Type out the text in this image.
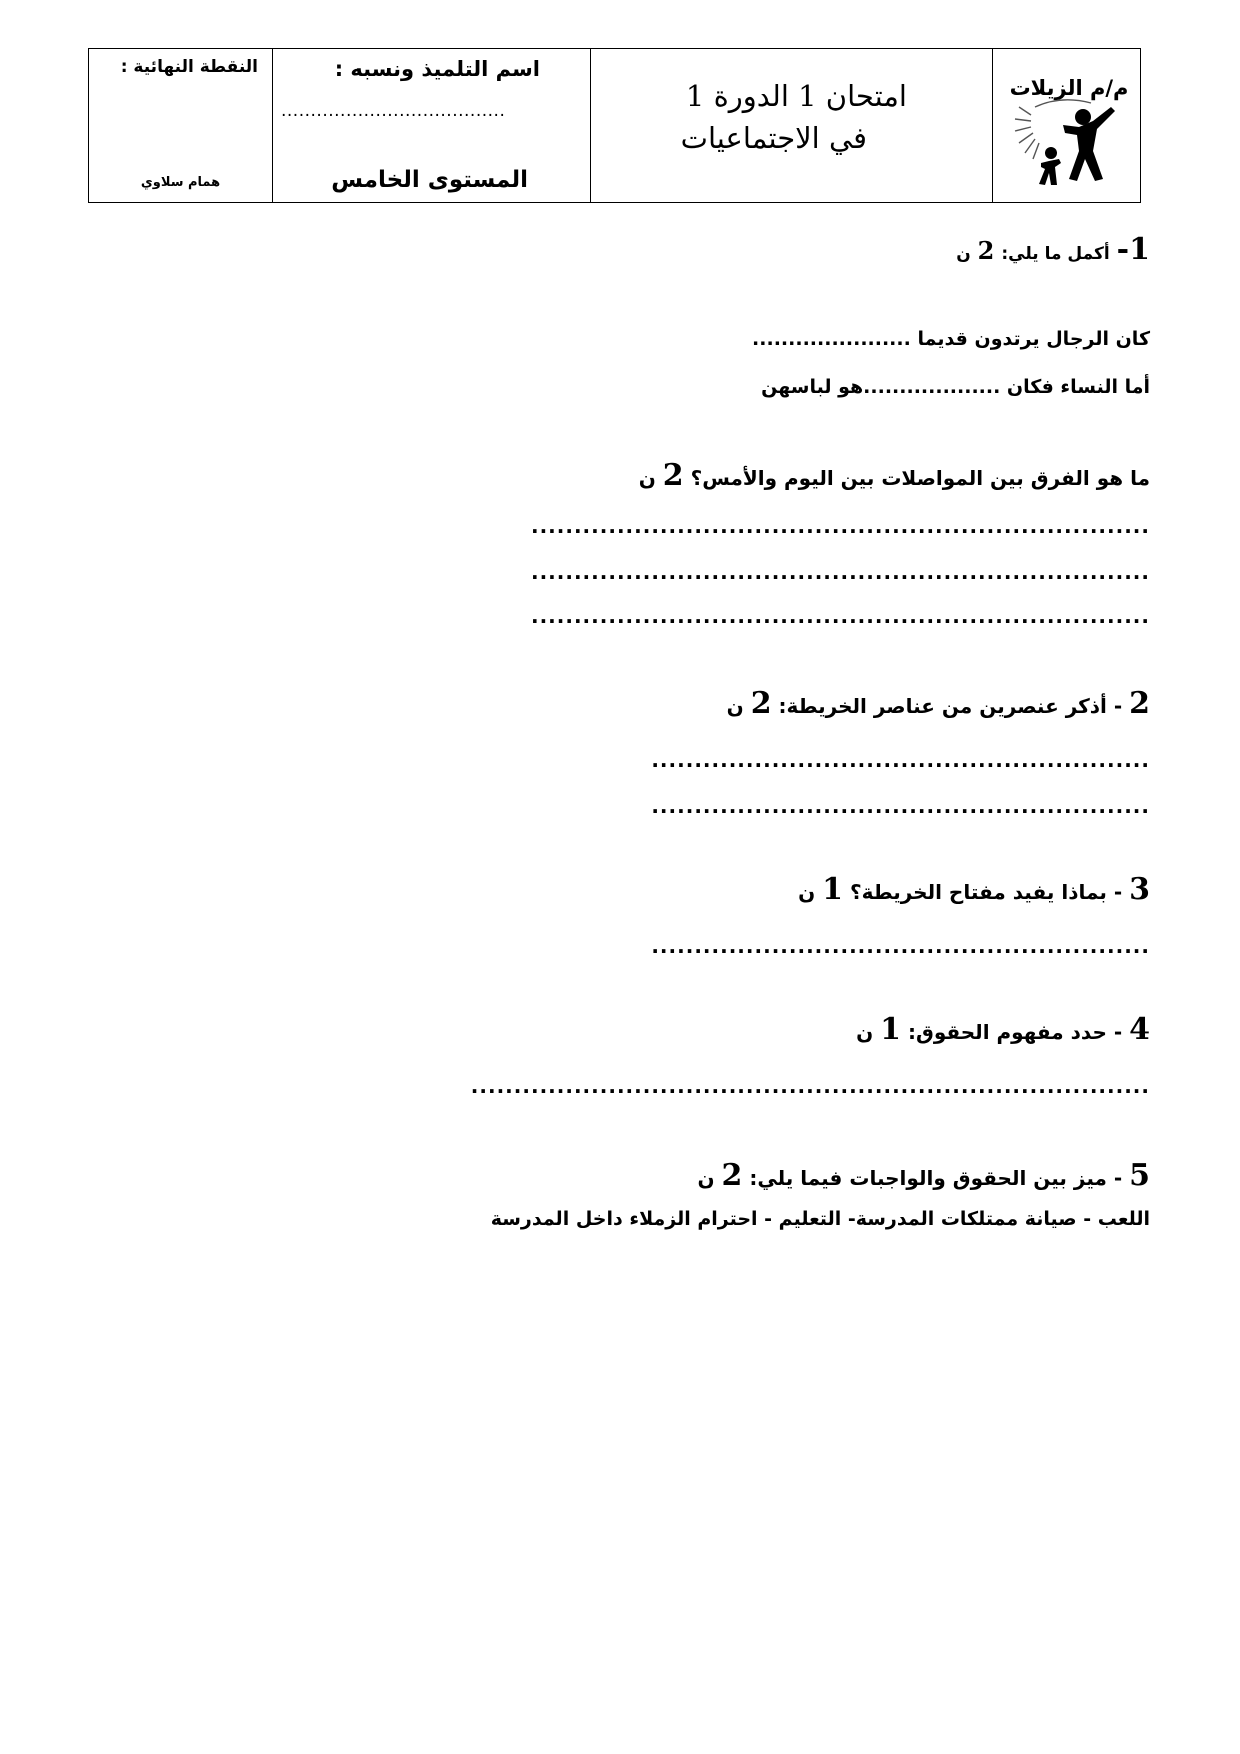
النقطة النهائية :
همام سلاوي
اسم التلميذ ونسبه :
......................................
المستوى الخامس
امتحان 1 الدورة 1
في الاجتماعيات
م/م الزيلات
1- أكمل ما يلي: 2 ن
كان الرجال يرتدون قديما ......................
أما النساء فكان ...................هو لباسهن
ما هو الفرق بين المواصلات بين اليوم والأمس؟ 2 ن
........................................................................
........................................................................
........................................................................
2 - أذكر عنصرين من عناصر الخريطة: 2 ن
..........................................................
..........................................................
3 - بماذا يفيد مفتاح الخريطة؟ 1 ن
..........................................................
4 - حدد مفهوم الحقوق: 1 ن
...............................................................................
5 - ميز بين الحقوق والواجبات فيما يلي: 2 ن
اللعب - صيانة ممتلكات المدرسة- التعليم - احترام الزملاء داخل المدرسة
